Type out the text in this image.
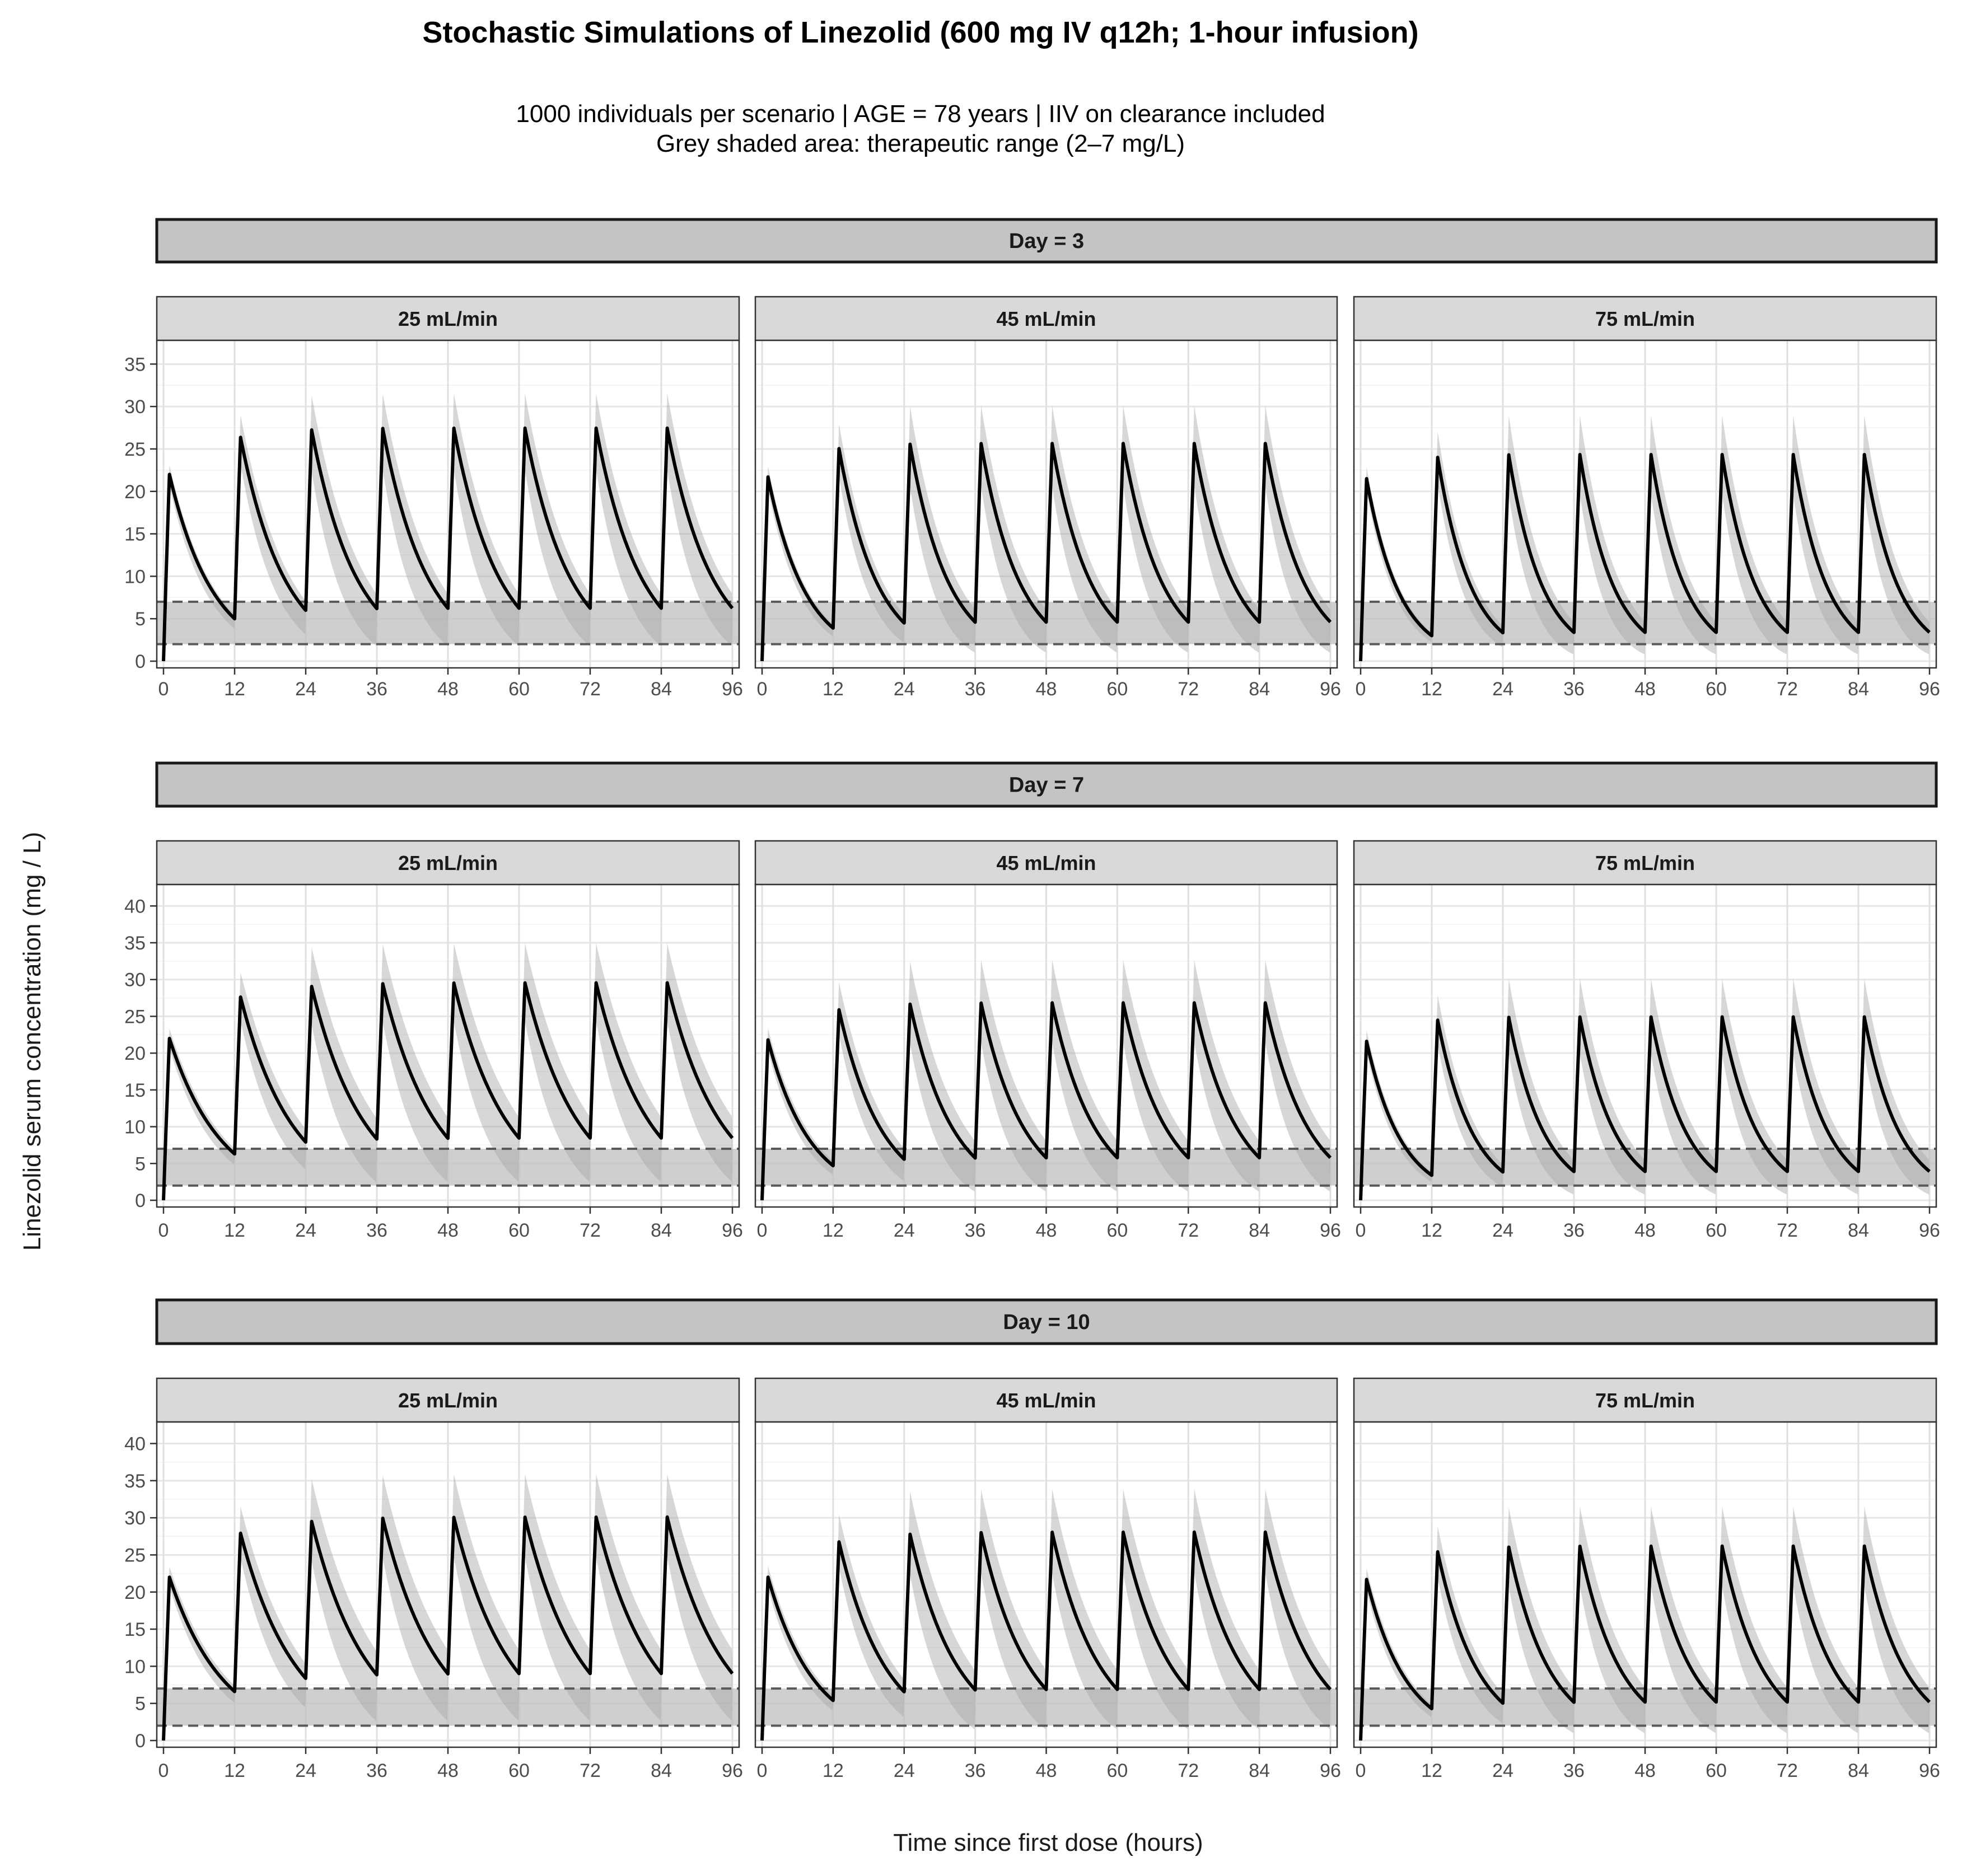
Stochastic Simulations of Linezolid (600 mg IV q12h; 1-hour infusion)
1000 individuals per scenario | AGE = 78 years | IIV on clearance included
Grey shaded area: therapeutic range (2–7 mg/L)
Linezolid serum concentration (mg / L)
Time since first dose (hours)
Day = 3
25 mL/min
0	12	24	36	48	60	72	84	96
0
5
10
15
20
25
30
35
45 mL/min
0	12	24	36	48	60	72	84	96
75 mL/min
0	12	24	36	48	60	72	84	96
Day = 7
25 mL/min
0	12	24	36	48	60	72	84	96
0
5
10
15
20
25
30
35
40
45 mL/min
0	12	24	36	48	60	72	84	96
75 mL/min
0	12	24	36	48	60	72	84	96
Day = 10
25 mL/min
0	12	24	36	48	60	72	84	96
0
5
10
15
20
25
30
35
40
45 mL/min
0	12	24	36	48	60	72	84	96
75 mL/min
0	12	24	36	48	60	72	84	96
